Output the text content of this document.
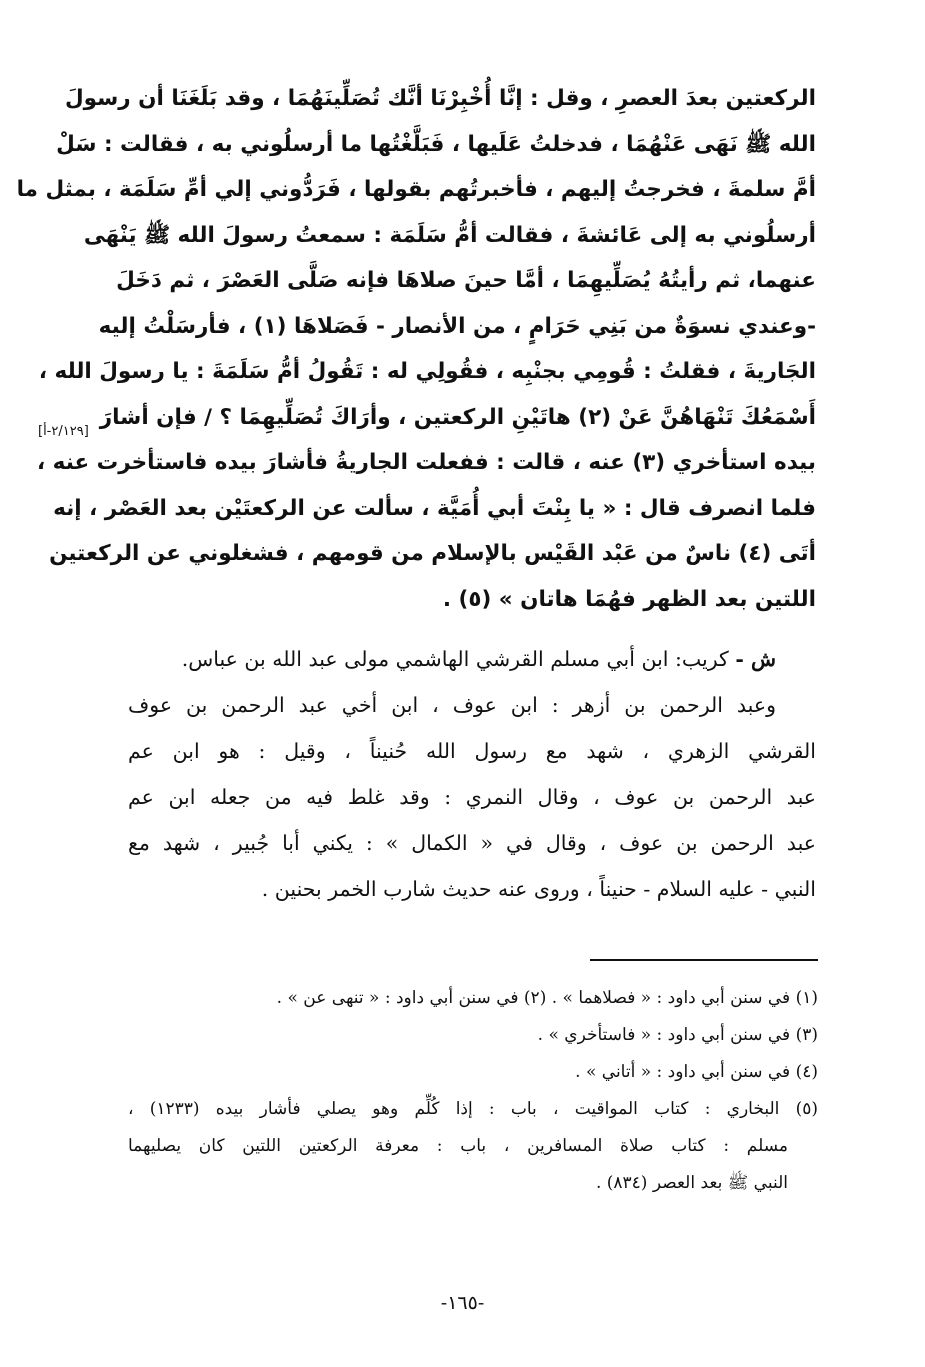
الركعتين بعدَ العصرِ ، وقل : إنَّا أُخْبِرْنَا أنَّك تُصَلِّينَهُمَا ، وقد بَلَغَنَا أن رسولَ
الله ﷺ نَهَى عَنْهُمَا ، فدخلتُ عَلَيها ، فَبَلَّغْتُها ما أرسلُوني به ، فقالت : سَلْ
أمَّ سلمةَ ، فخرجتُ إليهم ، فأخبرتُهم بقولها ، فَرَدُّوني إلي أمِّ سَلَمَة ، بمثل ما
أرسلُوني به إلى عَائشةَ ، فقالت أمُّ سَلَمَة : سمعتُ رسولَ الله ﷺ يَنْهَى
عنهما، ثم رأيتُهُ يُصَلِّيهِمَا ، أمَّا حينَ صلاهَا فإنه صَلَّى العَصْرَ ، ثم دَخَلَ
-وعندي نسوَةٌ من بَنِي حَرَامٍ ، من الأنصار - فَصَلاهَا (١) ، فأرسَلْتُ إليه
الجَاريةَ ، فقلتُ : قُومِي بجنْبِه ، فقُولِي له : تَقُولُ أمُّ سَلَمَةَ : يا رسولَ الله ،
أَسْمَعُكَ تَنْهَاهُنَّ عَنْ (٢) هاتَيْنِ الركعتين ، وأرَاكَ تُصَلِّيهِمَا ؟ / فإن أشارَ
بيده استأخري (٣) عنه ، قالت : ففعلت الجاريةُ فأشارَ بيده فاستأخرت عنه ،
فلما انصرف قال : « يا بِنْتَ أبي أُمَيَّة ، سألت عن الركعتَيْن بعد العَصْر ، إنه
أتَى (٤) ناسٌ من عَبْد القَيْس بالإسلام من قومهم ، فشغلوني عن الركعتين
اللتين بعد الظهر فهُمَا هاتان » (٥) .
ش - كريب: ابن أبي مسلم القرشي الهاشمي مولى عبد الله بن عباس.
وعبد الرحمن بن أزهر : ابن عوف ، ابن أخي عبد الرحمن بن عوف
القرشي الزهري ، شهد مع رسول الله حُنيناً ، وقيل : هو ابن عم
عبد الرحمن بن عوف ، وقال النمري : وقد غلط فيه من جعله ابن عم
عبد الرحمن بن عوف ، وقال في « الكمال » : يكني أبا جُبير ، شهد مع
النبي - عليه السلام - حنيناً ، وروى عنه حديث شارب الخمر بحنين .
[٢/١٢٩-أ]
(١) في سنن أبي داود : « فصلاهما » . (٢) في سنن أبي داود : « تنهى عن » .
(٣) في سنن أبي داود : « فاستأخري » .
(٤) في سنن أبي داود : « أتاني » .
(٥) البخاري : كتاب المواقيت ، باب : إذا كُلِّم وهو يصلي فأشار بيده (١٢٣٣) ،
مسلم : كتاب صلاة المسافرين ، باب : معرفة الركعتين اللتين كان يصليهما
النبي ﷺ بعد العصر (٨٣٤) .
-١٦٥-
